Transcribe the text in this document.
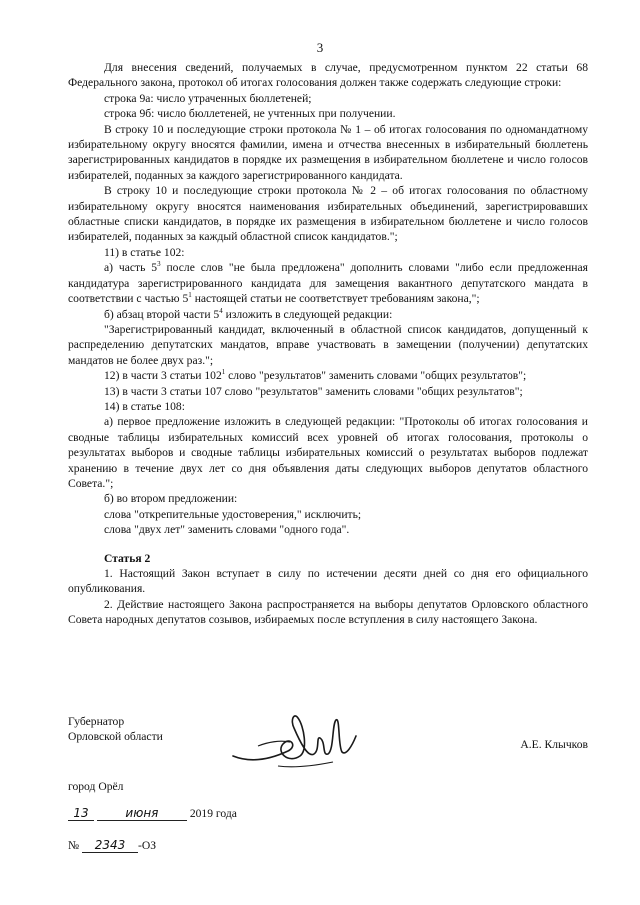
3

Для внесения сведений, получаемых в случае, предусмотренном пунктом 22 статьи 68 Федерального закона, протокол об итогах голосования должен также содержать следующие строки:

строка 9а: число утраченных бюллетеней;

строка 9б: число бюллетеней, не учтенных при получении.

В строку 10 и последующие строки протокола № 1 – об итогах голосования по одномандатному избирательному округу вносятся фамилии, имена и отчества внесенных в избирательный бюллетень зарегистрированных кандидатов в порядке их размещения в избирательном бюллетене и число голосов избирателей, поданных за каждого зарегистрированного кандидата.

В строку 10 и последующие строки протокола № 2 – об итогах голосования по областному избирательному округу вносятся наименования избирательных объединений, зарегистрировавших областные списки кандидатов, в порядке их размещения в избирательном бюллетене и число голосов избирателей, поданных за каждый областной список кандидатов.";

11) в статье 102:

а) часть $5^3$ после слов "не была предложена" дополнить словами "либо если предложенная кандидатура зарегистрированного кандидата для замещения вакантного депутатского мандата в соответствии с частью $5^1$ настоящей статьи не соответствует требованиям закона,";

б) абзац второй части $5^4$ изложить в следующей редакции:

"Зарегистрированный кандидат, включенный в областной список кандидатов, допущенный к распределению депутатских мандатов, вправе участвовать в замещении (получении) депутатских мандатов не более двух раз.";

12) в части 3 статьи $102^1$ слово "результатов" заменить словами "общих результатов";

13) в части 3 статьи 107 слово "результатов" заменить словами "общих результатов";

14) в статье 108:

а) первое предложение изложить в следующей редакции: "Протоколы об итогах голосования и сводные таблицы избирательных комиссий всех уровней об итогах голосования, протоколы о результатах выборов и сводные таблицы избирательных комиссий о результатах выборов подлежат хранению в течение двух лет со дня объявления даты следующих выборов депутатов областного Совета.";

б) во втором предложении:

слова "открепительные удостоверения," исключить;

слова "двух лет" заменить словами "одного года".

Статья 2

1. Настоящий Закон вступает в силу по истечении десяти дней со дня его официального опубликования.

2. Действие настоящего Закона распространяется на выборы депутатов Орловского областного Совета народных депутатов созывов, избираемых после вступления в силу настоящего Закона.

Губернатор
Орловской области
А.Е. Клычков
город Орёл
13	июня	2019 года
№ 2343 -ОЗ
